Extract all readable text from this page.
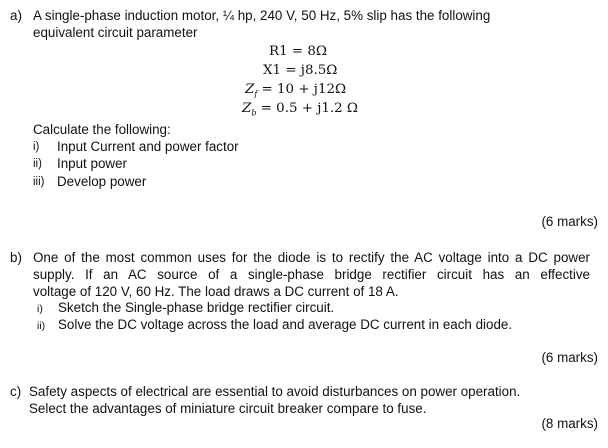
a) A single-phase induction motor, ¼ hp, 240 V, 50 Hz, 5% slip has the following
equivalent circuit parameter
R1 = 8Ω
X1 = j8.5Ω
$Z_f = 10 + j12\Omega$
$Z_b = 0.5 + j1.2$ Ω
Calculate the following:
i) Input Current and power factor
ii) Input power
iii) Develop power
(6 marks)
b) One of the most common uses for the diode is to rectify the AC voltage into a DC power
supply. If an AC source of a single-phase bridge rectifier circuit has an effective
voltage of 120 V, 60 Hz. The load draws a DC current of 18 A.
i) Sketch the Single-phase bridge rectifier circuit.
ii) Solve the DC voltage across the load and average DC current in each diode.
(6 marks)
c) Safety aspects of electrical are essential to avoid disturbances on power operation.
Select the advantages of miniature circuit breaker compare to fuse.
(8 marks)
